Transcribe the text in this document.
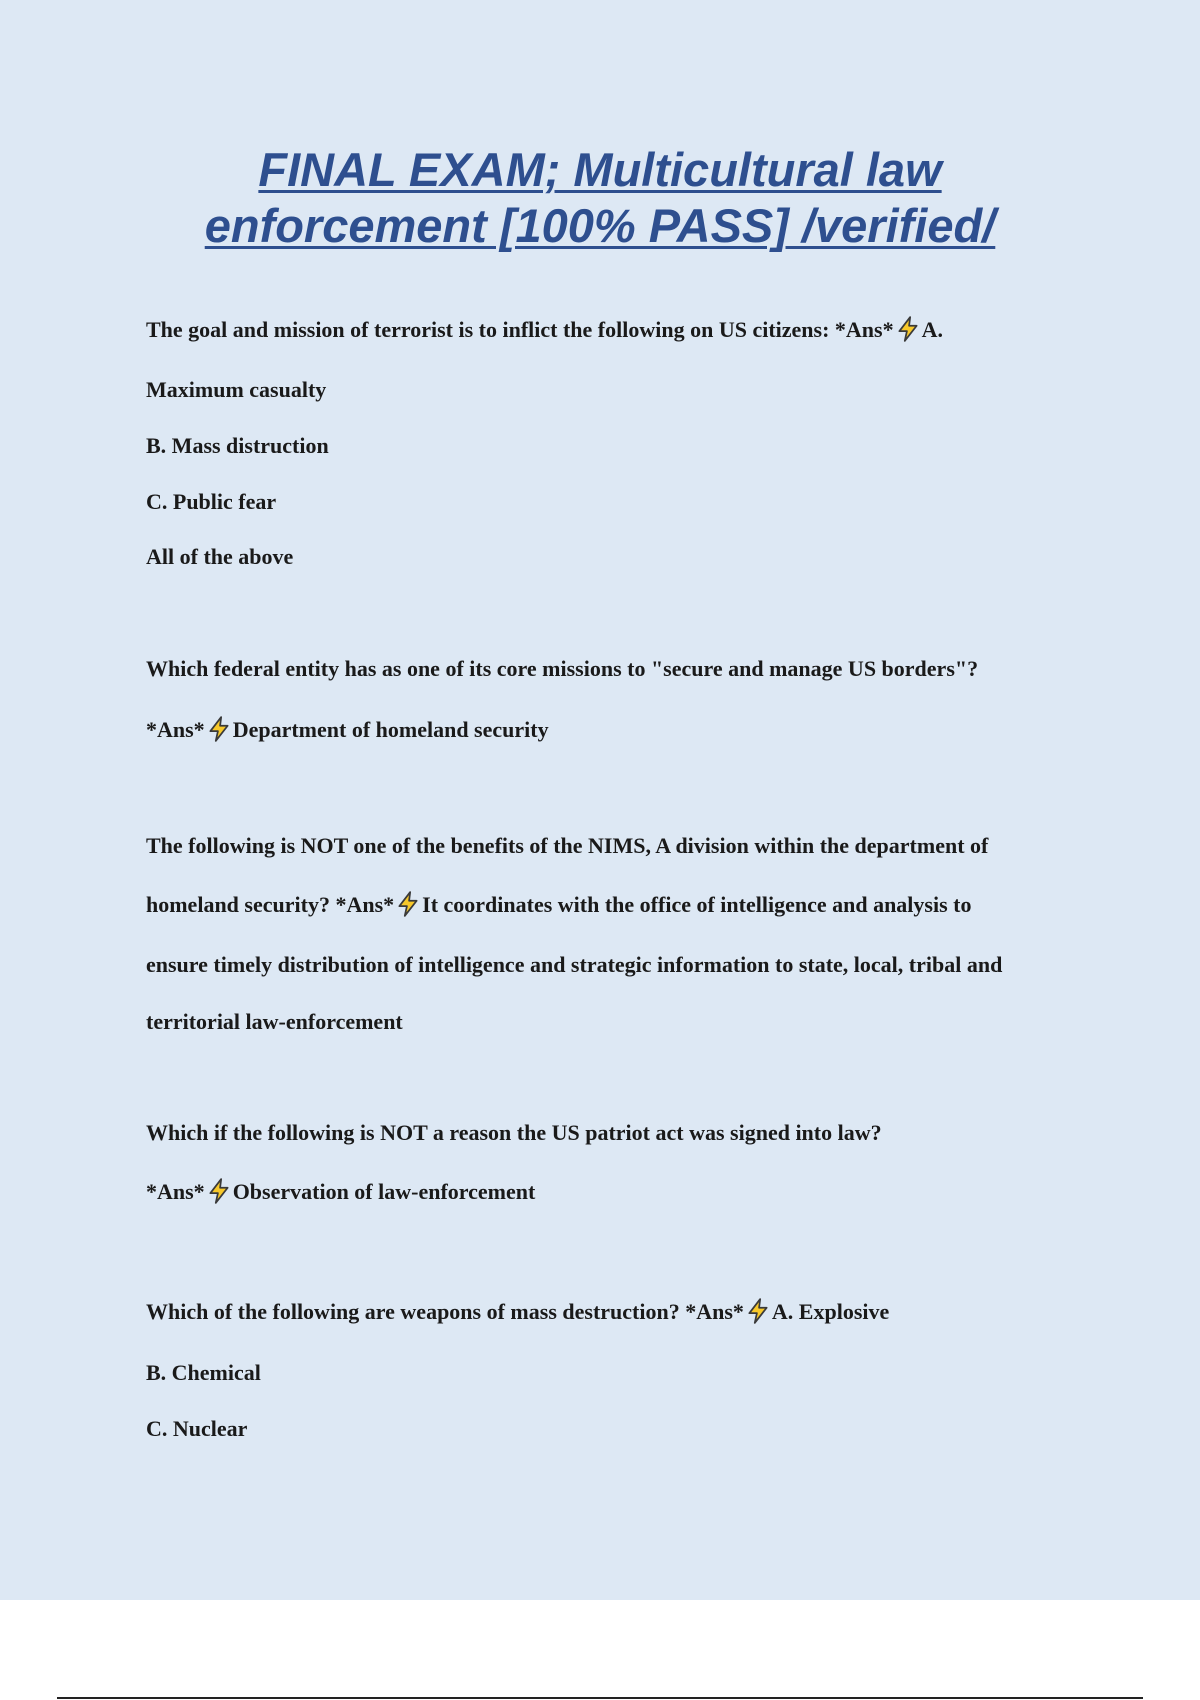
FINAL EXAM; Multicultural law
enforcement [100% PASS] /verified/
The goal and mission of terrorist is to inflict the following on US citizens: *Ans* A.
Maximum casualty
B. Mass distruction
C. Public fear
All of the above
Which federal entity has as one of its core missions to "secure and manage US borders"?
*Ans* Department of homeland security
The following is NOT one of the benefits of the NIMS, A division within the department of
homeland security? *Ans* It coordinates with the office of intelligence and analysis to
ensure timely distribution of intelligence and strategic information to state, local, tribal and
territorial law-enforcement
Which if the following is NOT a reason the US patriot act was signed into law?
*Ans* Observation of law-enforcement
Which of the following are weapons of mass destruction? *Ans* A. Explosive
B. Chemical
C. Nuclear
